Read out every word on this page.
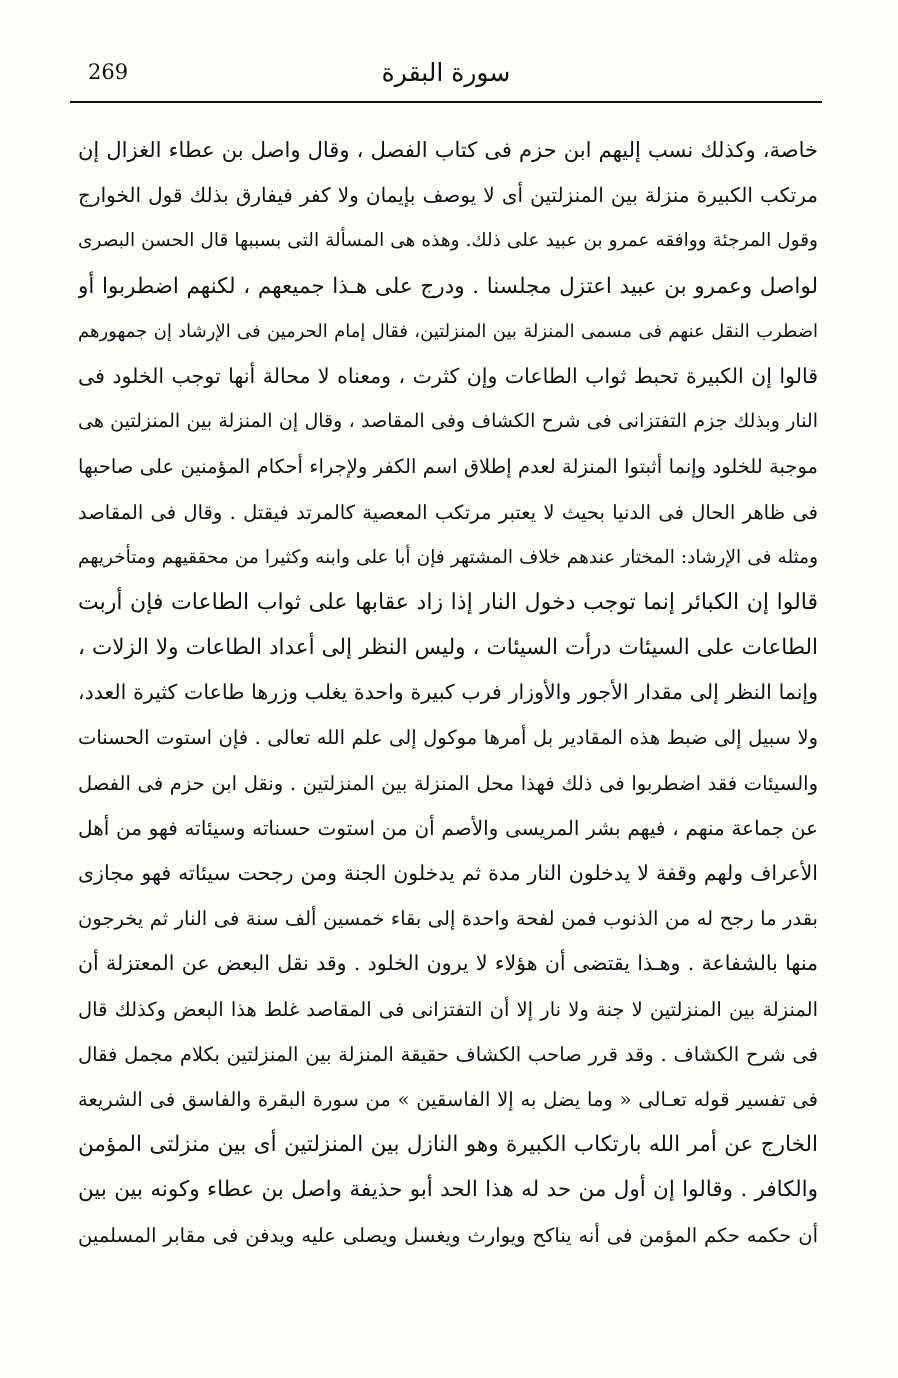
269	سورة البقرة
خاصة، وكذلك نسب إليهم ابن حزم فى كتاب الفصل ، وقال واصل بن عطاء الغزال إن
مرتكب الكبيرة منزلة بين المنزلتين أى لا يوصف بإيمان ولا كفر فيفارق بذلك قول الخوارج
وقول المرجئة ووافقه عمرو بن عبيد على ذلك. وهذه هى المسألة التى بسببها قال الحسن البصرى
لواصل وعمرو بن عبيد اعتزل مجلسنا . ودرج على هـذا جميعهم ، لكنهم اضطربوا أو
اضطرب النقل عنهم فى مسمى المنزلة بين المنزلتين، فقال إمام الحرمين فى الإرشاد إن جمهورهم
قالوا إن الكبيرة تحبط ثواب الطاعات وإن كثرت ، ومعناه لا محالة أنها توجب الخلود فى
النار وبذلك جزم التفتزانى فى شرح الكشاف وفى المقاصد ، وقال إن المنزلة بين المنزلتين هى
موجبة للخلود وإنما أثبتوا المنزلة لعدم إطلاق اسم الكفر ولإجراء أحكام المؤمنين على صاحبها
فى ظاهر الحال فى الدنيا بحيث لا يعتبر مرتكب المعصية كالمرتد فيقتل . وقال فى المقاصد
ومثله فى الإرشاد: المختار عندهم خلاف المشتهر فإن أبا على وابنه وكثيرا من محققيهم ومتأخريهم
قالوا إن الكبائر إنما توجب دخول النار إذا زاد عقابها على ثواب الطاعات فإن أربت
الطاعات على السيئات درأت السيئات ، وليس النظر إلى أعداد الطاعات ولا الزلات ،
وإنما النظر إلى مقدار الأجور والأوزار فرب كبيرة واحدة يغلب وزرها طاعات كثيرة العدد،
ولا سبيل إلى ضبط هذه المقادير بل أمرها موكول إلى علم الله تعالى . فإن استوت الحسنات
والسيئات فقد اضطربوا فى ذلك فهذا محل المنزلة بين المنزلتين . ونقل ابن حزم فى الفصل
عن جماعة منهم ، فيهم بشر المريسى والأصم أن من استوت حسناته وسيئاته فهو من أهل
الأعراف ولهم وقفة لا يدخلون النار مدة ثم يدخلون الجنة ومن رجحت سيئاته فهو مجازى
بقدر ما رجح له من الذنوب فمن لفحة واحدة إلى بقاء خمسين ألف سنة فى النار ثم يخرجون
منها بالشفاعة . وهـذا يقتضى أن هؤلاء لا يرون الخلود . وقد نقل البعض عن المعتزلة أن
المنزلة بين المنزلتين لا جنة ولا نار إلا أن التفتزانى فى المقاصد غلط هذا البعض وكذلك قال
فى شرح الكشاف . وقد قرر صاحب الكشاف حقيقة المنزلة بين المنزلتين بكلام مجمل فقال
فى تفسير قوله تعـالى « وما يضل به إلا الفاسقين » من سورة البقرة والفاسق فى الشريعة
الخارج عن أمر الله بارتكاب الكبيرة وهو النازل بين المنزلتين أى بين منزلتى المؤمن
والكافر . وقالوا إن أول من حد له هذا الحد أبو حذيفة واصل بن عطاء وكونه بين بين
أن حكمه حكم المؤمن فى أنه يناكح ويوارث ويغسل ويصلى عليه ويدفن فى مقابر المسلمين
